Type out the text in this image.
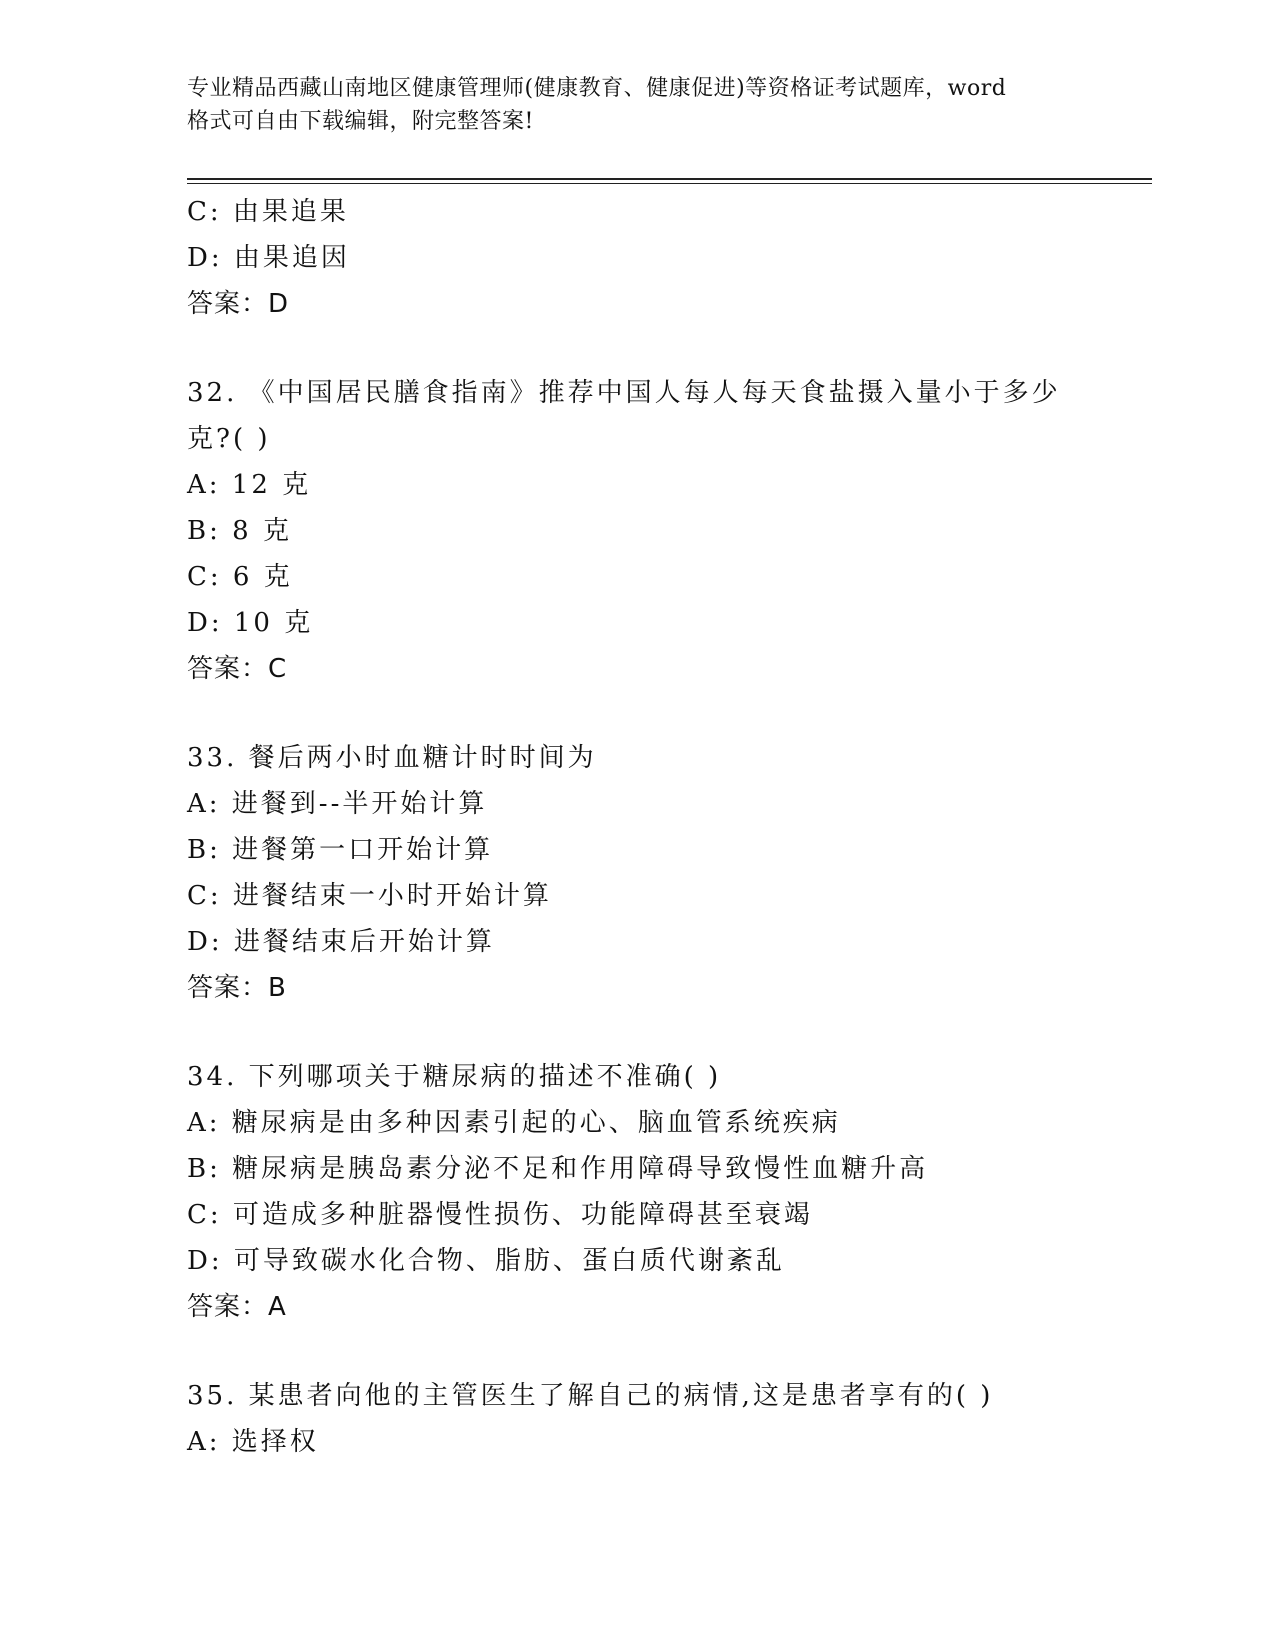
专业精品西藏山南地区健康管理师(健康教育、健康促进)等资格证考试题库，word
格式可自由下载编辑，附完整答案!
C: 由果追果
D: 由果追因
答案：D
32. 《中国居民膳食指南》推荐中国人每人每天食盐摄入量小于多少
克?( )
A: 12 克
B: 8 克
C: 6 克
D: 10 克
答案：C
33. 餐后两小时血糖计时时间为
A: 进餐到--半开始计算
B: 进餐第一口开始计算
C: 进餐结束一小时开始计算
D: 进餐结束后开始计算
答案：B
34. 下列哪项关于糖尿病的描述不准确( )
A: 糖尿病是由多种因素引起的心、脑血管系统疾病
B: 糖尿病是胰岛素分泌不足和作用障碍导致慢性血糖升高
C: 可造成多种脏器慢性损伤、功能障碍甚至衰竭
D: 可导致碳水化合物、脂肪、蛋白质代谢紊乱
答案：A
35. 某患者向他的主管医生了解自己的病情,这是患者享有的( )
A: 选择权
